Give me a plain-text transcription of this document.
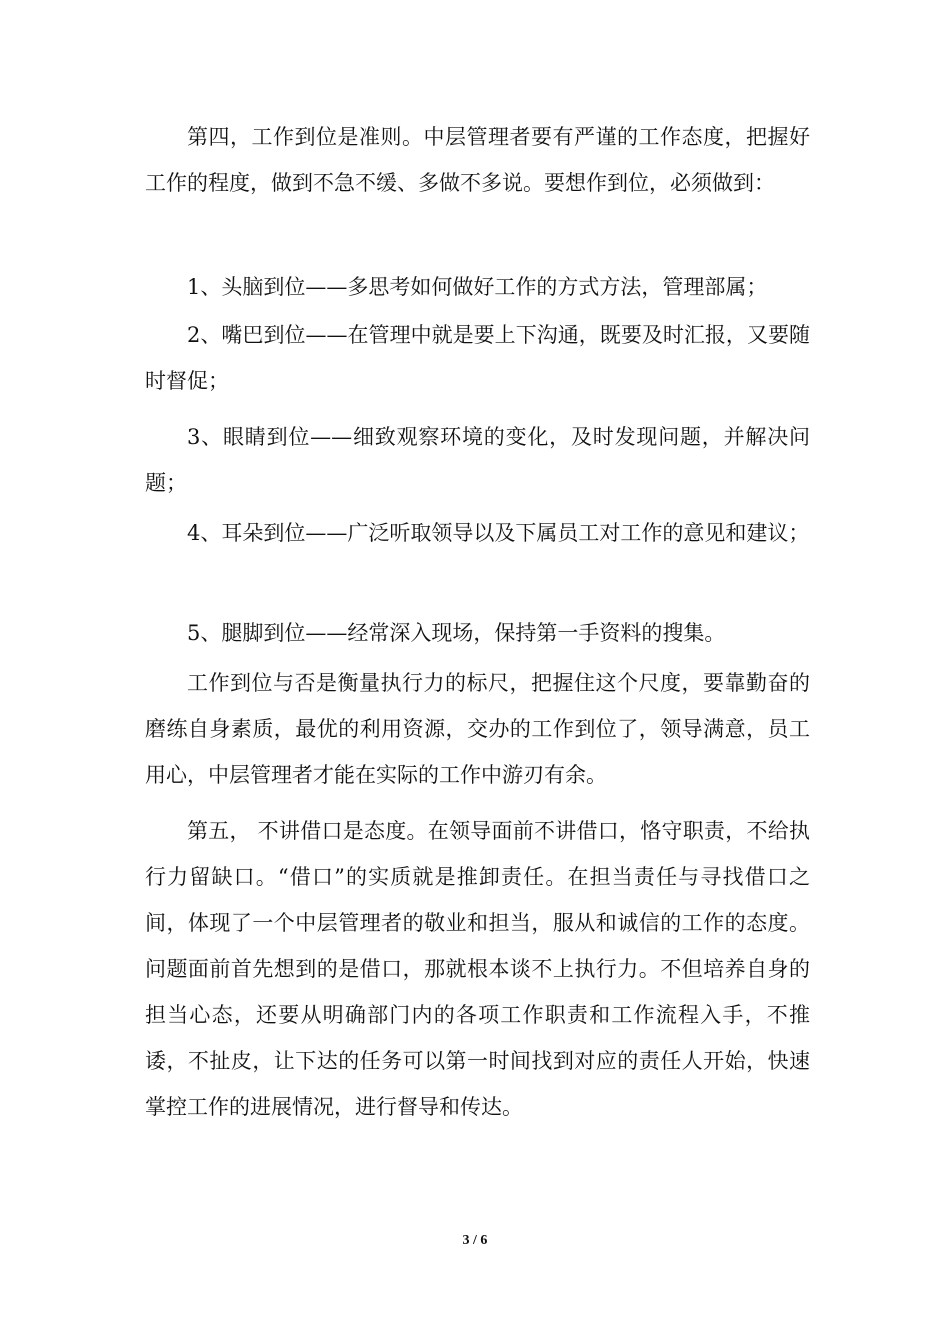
第四，工作到位是准则。中层管理者要有严谨的工作态度，把握好工作的程度，做到不急不缓、多做不多说。要想作到位，必须做到：

1、头脑到位——多思考如何做好工作的方式方法，管理部属；

2、嘴巴到位——在管理中就是要上下沟通，既要及时汇报，又要随时督促；

3、眼睛到位——细致观察环境的变化，及时发现问题，并解决问题；

4、耳朵到位——广泛听取领导以及下属员工对工作的意见和建议；

5、腿脚到位——经常深入现场，保持第一手资料的搜集。

工作到位与否是衡量执行力的标尺，把握住这个尺度，要靠勤奋的磨练自身素质，最优的利用资源，交办的工作到位了，领导满意，员工用心，中层管理者才能在实际的工作中游刃有余。

第五， 不讲借口是态度。在领导面前不讲借口，恪守职责，不给执行力留缺口。“借口”的实质就是推卸责任。在担当责任与寻找借口之间，体现了一个中层管理者的敬业和担当，服从和诚信的工作的态度。问题面前首先想到的是借口，那就根本谈不上执行力。不但培养自身的担当心态，还要从明确部门内的各项工作职责和工作流程入手，不推诿，不扯皮，让下达的任务可以第一时间找到对应的责任人开始，快速掌控工作的进展情况，进行督导和传达。

3 / 6
